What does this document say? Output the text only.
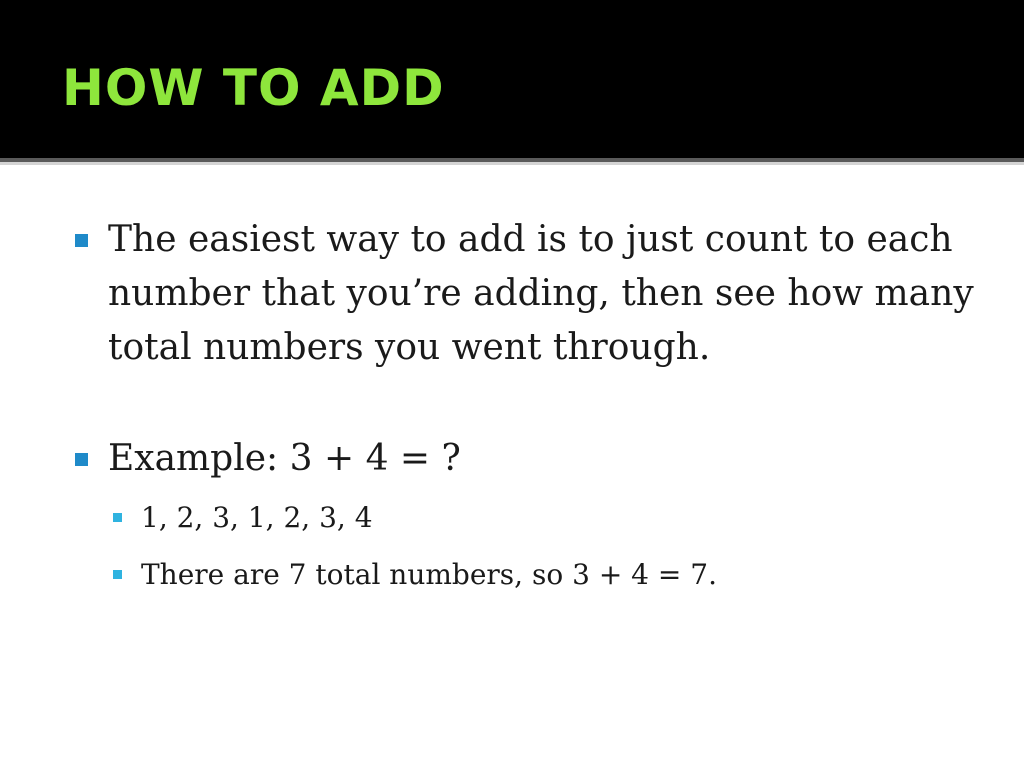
HOW TO ADD
The easiest way to add is to just count to each number that you’re adding, then see how many total numbers you went through.
Example: 3 + 4 = ?
1, 2, 3, 1, 2, 3, 4
There are 7 total numbers, so 3 + 4 = 7.
